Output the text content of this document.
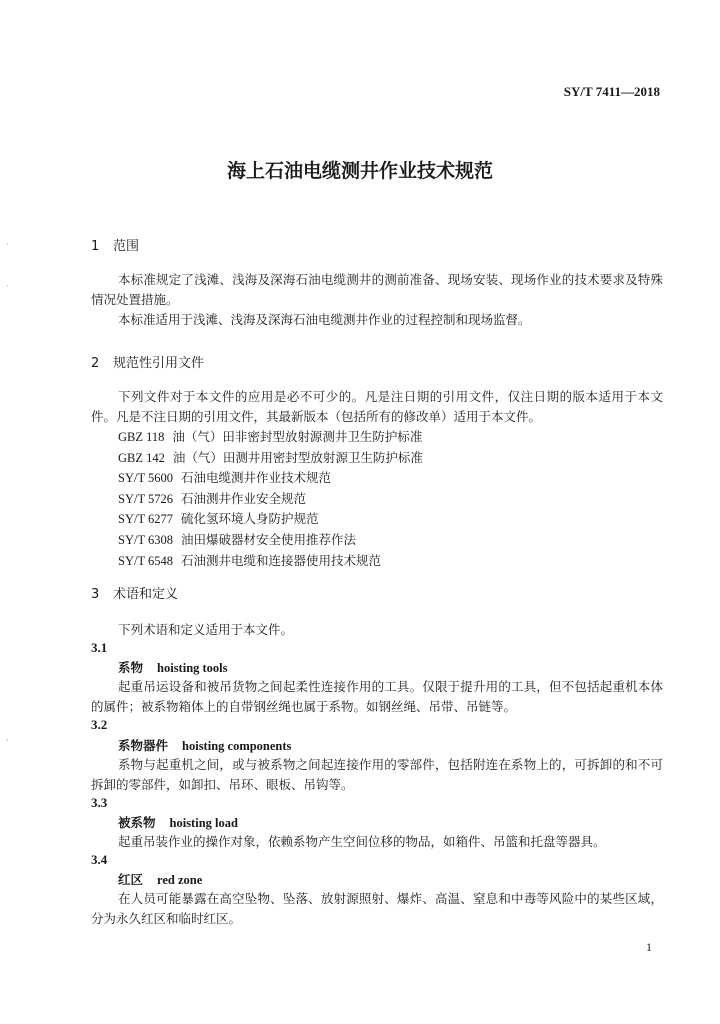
SY/T 7411—2018
海上石油电缆测井作业技术规范
1 范围

本标准规定了浅滩、浅海及深海石油电缆测井的测前准备、现场安装、现场作业的技术要求及特殊情况处置措施。

本标准适用于浅滩、浅海及深海石油电缆测井作业的过程控制和现场监督。

2 规范性引用文件

下列文件对于本文件的应用是必不可少的。凡是注日期的引用文件，仅注日期的版本适用于本文件。凡是不注日期的引用文件，其最新版本（包括所有的修改单）适用于本文件。

GBZ 118 油（气）田非密封型放射源测井卫生防护标准
GBZ 142 油（气）田测井用密封型放射源卫生防护标准
SY/T 5600 石油电缆测井作业技术规范
SY/T 5726 石油测井作业安全规范
SY/T 6277 硫化氢环境人身防护规范
SY/T 6308 油田爆破器材安全使用推荐作法
SY/T 6548 石油测井电缆和连接器使用技术规范
3 术语和定义

下列术语和定义适用于本文件。

3.1
系物 hoisting tools

起重吊运设备和被吊货物之间起柔性连接作用的工具。仅限于提升用的工具，但不包括起重机本体的属件；被系物箱体上的自带钢丝绳也属于系物。如钢丝绳、吊带、吊链等。

3.2
系物器件 hoisting components

系物与起重机之间，或与被系物之间起连接作用的零部件，包括附连在系物上的，可拆卸的和不可拆卸的零部件，如卸扣、吊环、眼板、吊钩等。

3.3
被系物 hoisting load

起重吊装作业的操作对象，依赖系物产生空间位移的物品，如箱件、吊篮和托盘等器具。

3.4
红区 red zone

在人员可能暴露在高空坠物、坠落、放射源照射、爆炸、高温、窒息和中毒等风险中的某些区域，分为永久红区和临时红区。

1
·
·
'
